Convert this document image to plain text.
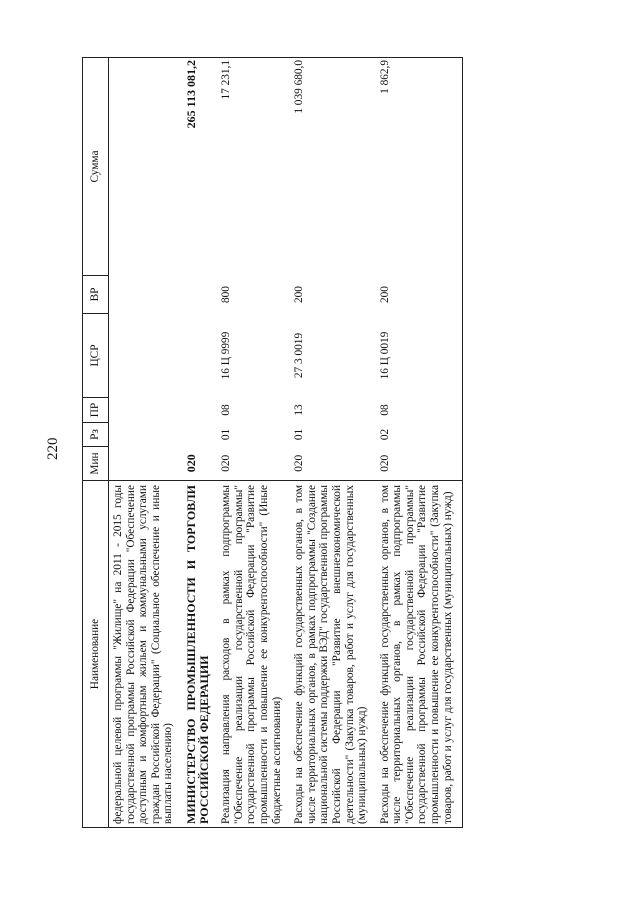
220
Наименование	Мин	Рз	ПР	ЦСР	ВР	Сумма
федеральной целевой программы "Жилище" на 2011 - 2015 годы государственной программы Российской Федерации "Обеспечение доступным и комфортным жильем и коммунальными услугами граждан Российской Федерации" (Социальное обеспечение и иные выплаты населению)						
МИНИСТЕРСТВО ПРОМЫШЛЕННОСТИ И ТОРГОВЛИ РОССИЙСКОЙ ФЕДЕРАЦИИ	020					265 113 081,2
Реализация направления расходов в рамках подпрограммы "Обеспечение реализации государственной программы" государственной программы Российской Федерации "Развитие промышленности и повышение ее конкурентоспособности" (Иные бюджетные ассигнования)	020	01	08	16 Ц 9999	800	17 231,1
Расходы на обеспечение функций государственных органов, в том числе территориальных органов, в рамках подпрограммы "Создание национальной системы поддержки ВЭД" государственной программы Российской Федерации "Развитие внешнеэкономической деятельности" (Закупка товаров, работ и услуг для государственных (муниципальных) нужд)	020	01	13	27 3 0019	200	1 039 680,0
Расходы на обеспечение функций государственных органов, в том числе территориальных органов, в рамках подпрограммы "Обеспечение реализации государственной программы" государственной программы Российской Федерации "Развитие промышленности и повышение ее конкурентоспособности" (Закупка товаров, работ и услуг для государственных (муниципальных) нужд)	020	02	08	16 Ц 0019	200	1 862,9
